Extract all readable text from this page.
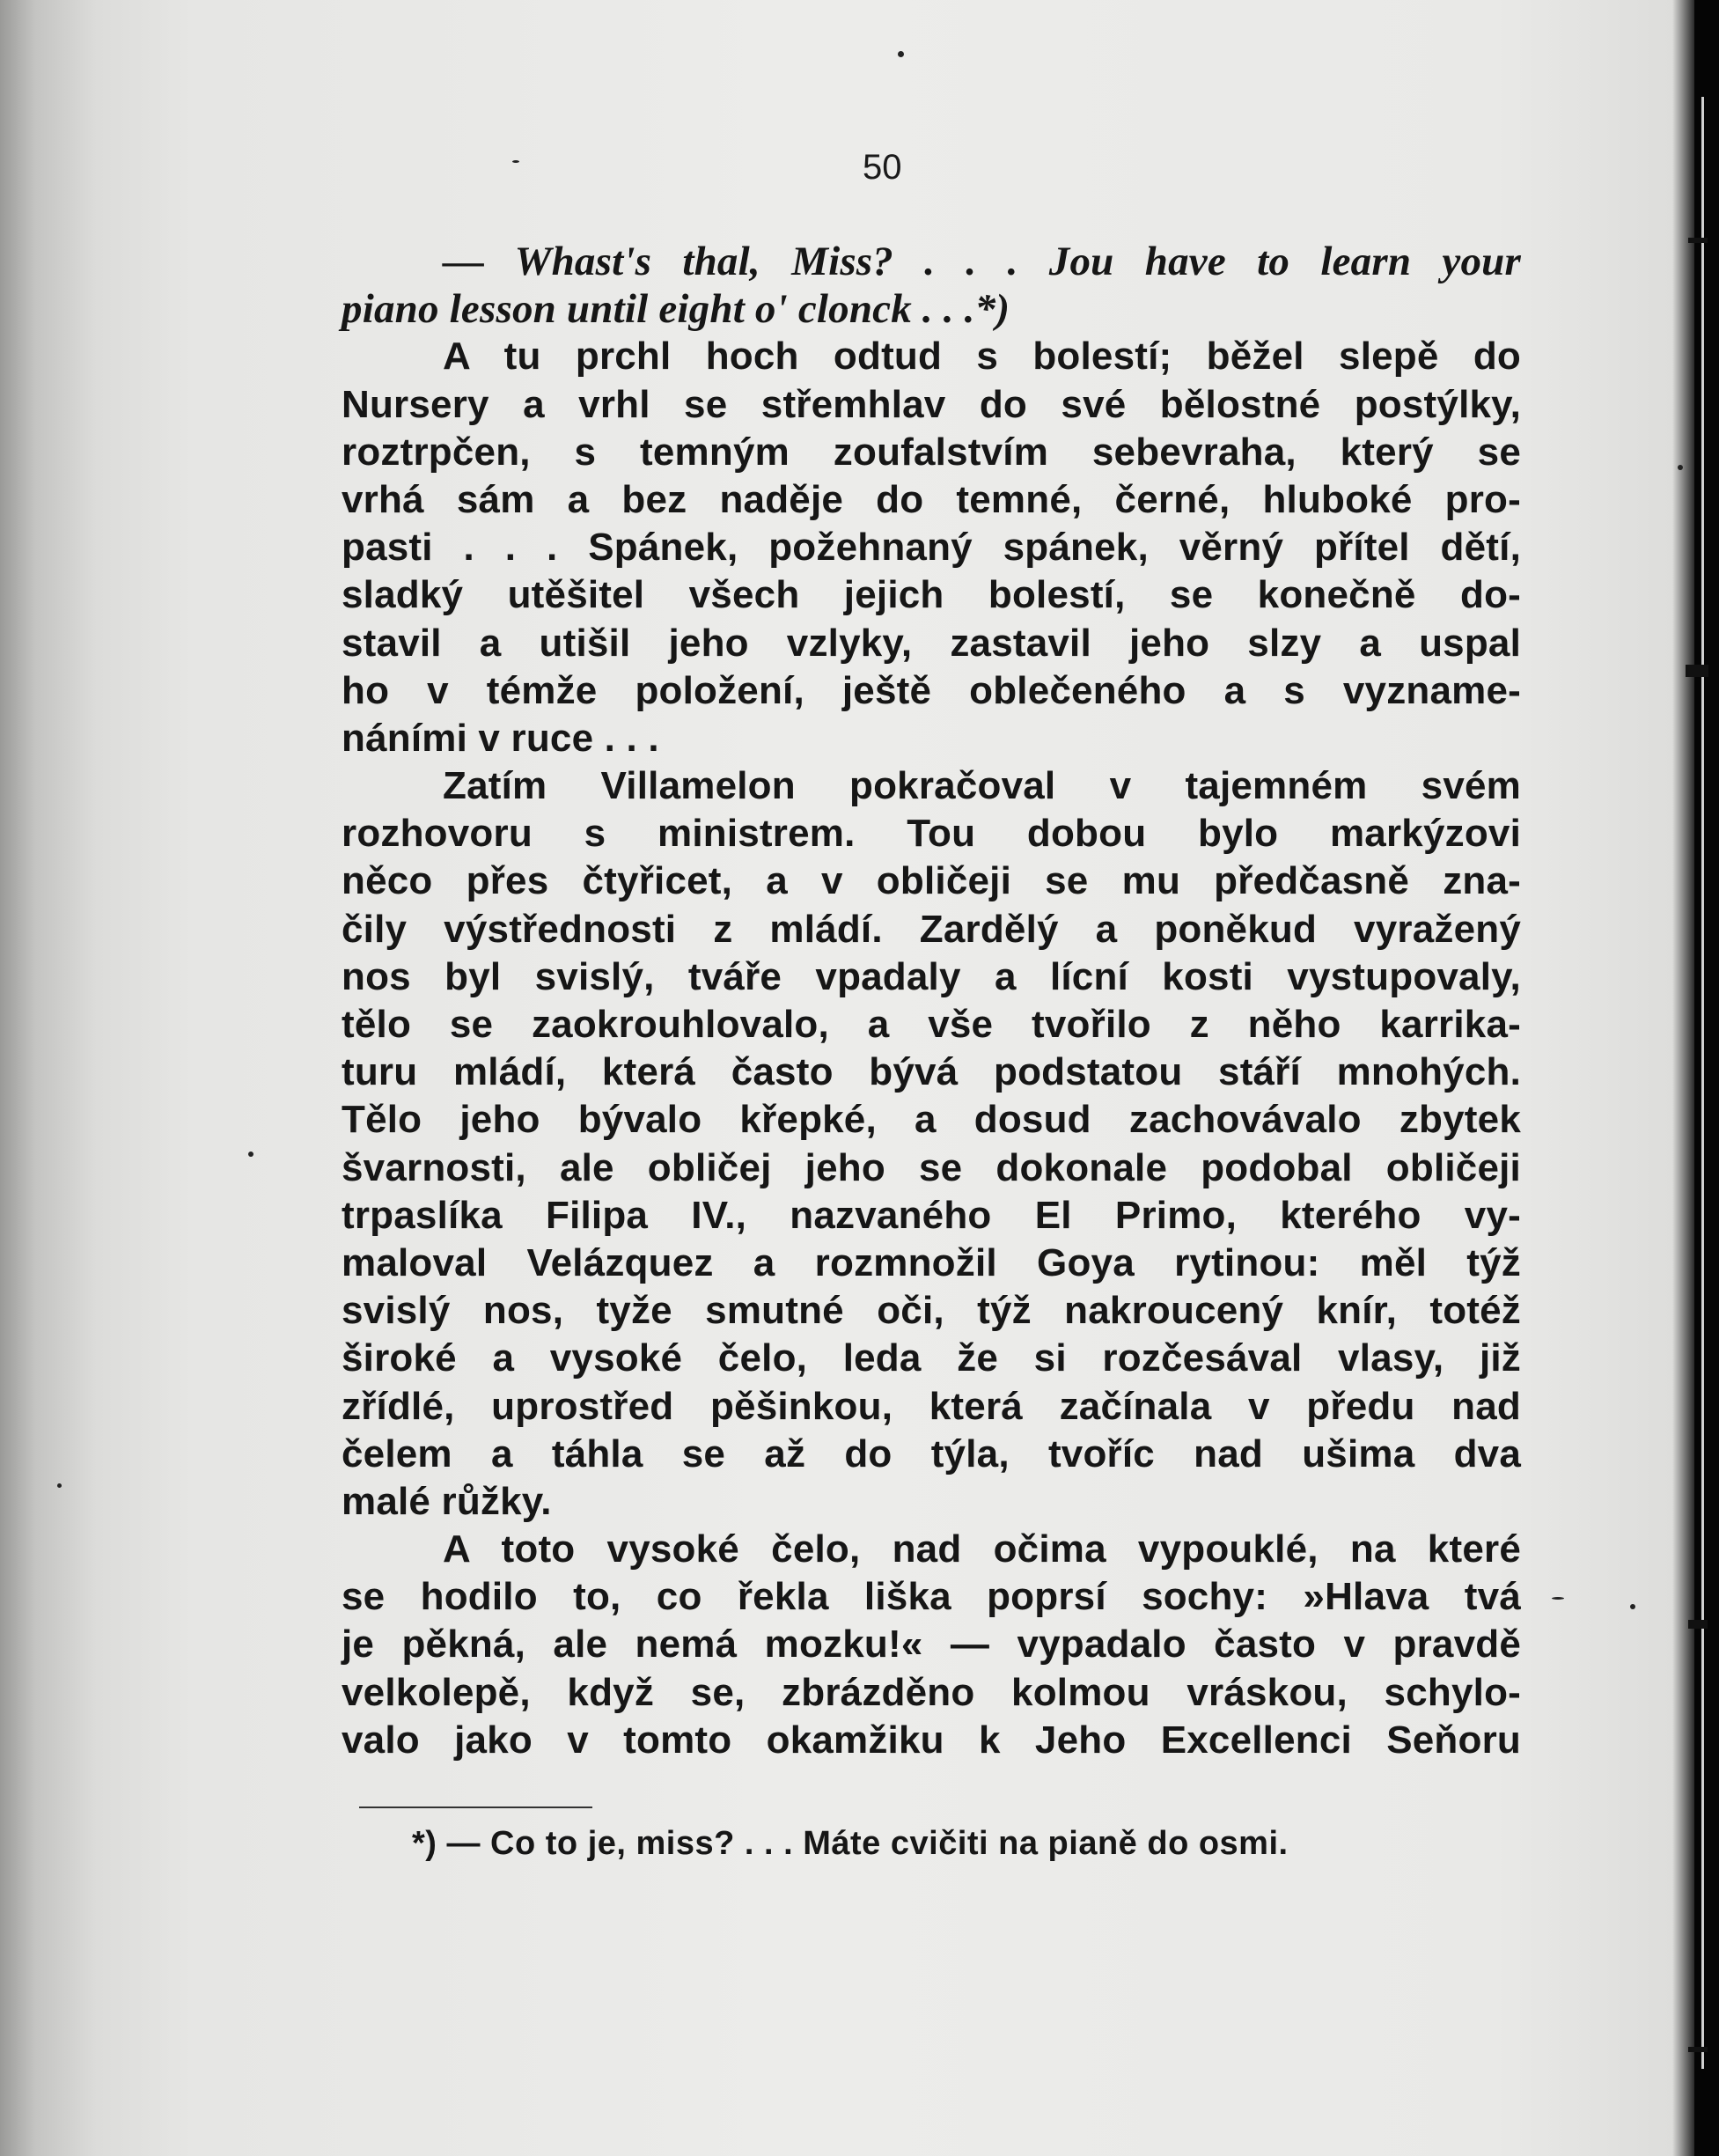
50
— Whast's thal, Miss? . . . Jou have to learn your
piano lesson until eight o' clonck . . .*)
A tu prchl hoch odtud s bolestí; běžel slepě do
Nursery a vrhl se střemhlav do své bělostné postýlky,
roztrpčen, s temným zoufalstvím sebevraha, který se
vrhá sám a bez naděje do temné, černé, hluboké pro-
pasti . . . Spánek, požehnaný spánek, věrný přítel dětí,
sladký utěšitel všech jejich bolestí, se konečně do-
stavil a utišil jeho vzlyky, zastavil jeho slzy a uspal
ho v témže položení, ještě oblečeného a s vyzname-
náními v ruce . . .
Zatím Villamelon pokračoval v tajemném svém
rozhovoru s ministrem. Tou dobou bylo markýzovi
něco přes čtyřicet, a v obličeji se mu předčasně zna-
čily výstřednosti z mládí. Zardělý a poněkud vyražený
nos byl svislý, tváře vpadaly a lícní kosti vystupovaly,
tělo se zaokrouhlovalo, a vše tvořilo z něho karrika-
turu mládí, která často bývá podstatou stáří mnohých.
Tělo jeho bývalo křepké, a dosud zachovávalo zbytek
švarnosti, ale obličej jeho se dokonale podobal obličeji
trpaslíka Filipa IV., nazvaného El Primo, kterého vy-
maloval Velázquez a rozmnožil Goya rytinou: měl týž
svislý nos, tyže smutné oči, týž nakroucený knír, totéž
široké a vysoké čelo, leda že si rozčesával vlasy, již
zřídlé, uprostřed pěšinkou, která začínala v předu nad
čelem a táhla se až do týla, tvoříc nad ušima dva
malé růžky.
A toto vysoké čelo, nad očima vypouklé, na které
se hodilo to, co řekla liška poprsí sochy: »Hlava tvá
je pěkná, ale nemá mozku!« — vypadalo často v pravdě
velkolepě, když se, zbrázděno kolmou vráskou, schylo-
valo jako v tomto okamžiku k Jeho Excellenci Seňoru
*) — Co to je, miss? . . . Máte cvičiti na pianě do osmi.
